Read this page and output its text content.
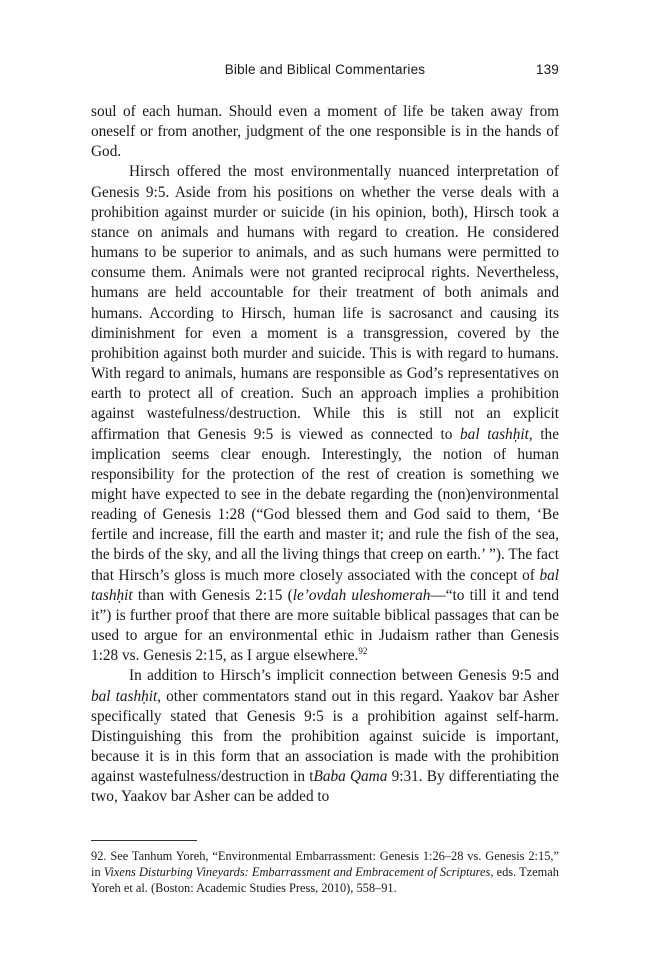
Bible and Biblical Commentaries	139

soul of each human. Should even a moment of life be taken away from oneself or from another, judgment of the one responsible is in the hands of God.

Hirsch offered the most environmentally nuanced interpretation of Genesis 9:5. Aside from his positions on whether the verse deals with a prohibition against murder or suicide (in his opinion, both), Hirsch took a stance on animals and humans with regard to creation. He considered humans to be superior to animals, and as such humans were permitted to consume them. Animals were not granted reciprocal rights. Nevertheless, humans are held accountable for their treatment of both animals and humans. According to Hirsch, human life is sacrosanct and causing its diminishment for even a moment is a transgression, covered by the prohibition against both murder and suicide. This is with regard to humans. With regard to animals, humans are responsible as God’s representatives on earth to protect all of creation. Such an approach implies a prohibition against wastefulness/destruction. While this is still not an explicit affirmation that Genesis 9:5 is viewed as connected to bal tashḥit, the implication seems clear enough. Interestingly, the notion of human responsibility for the protection of the rest of creation is something we might have expected to see in the debate regarding the (non)environmental reading of Genesis 1:28 (“God blessed them and God said to them, ‘Be fertile and increase, fill the earth and master it; and rule the fish of the sea, the birds of the sky, and all the living things that creep on earth.’ ”). The fact that Hirsch’s gloss is much more closely associated with the concept of bal tashḥit than with Genesis 2:15 (le’ovdah uleshomerah—“to till it and tend it”) is further proof that there are more suitable biblical passages that can be used to argue for an environmental ethic in Judaism rather than Genesis 1:28 vs. Genesis 2:15, as I argue elsewhere.$^{92}$

In addition to Hirsch’s implicit connection between Genesis 9:5 and bal tashḥit, other commentators stand out in this regard. Yaakov bar Asher specifically stated that Genesis 9:5 is a prohibition against self-harm. Distinguishing this from the prohibition against suicide is important, because it is in this form that an association is made with the prohibition against wastefulness/destruction in tBaba Qama 9:31. By differentiating the two, Yaakov bar Asher can be added to

92. See Tanhum Yoreh, “Environmental Embarrassment: Genesis 1:26–28 vs. Genesis 2:15,” in Vixens Disturbing Vineyards: Embarrassment and Embracement of Scriptures, eds. Tzemah Yoreh et al. (Boston: Academic Studies Press, 2010), 558–91.
